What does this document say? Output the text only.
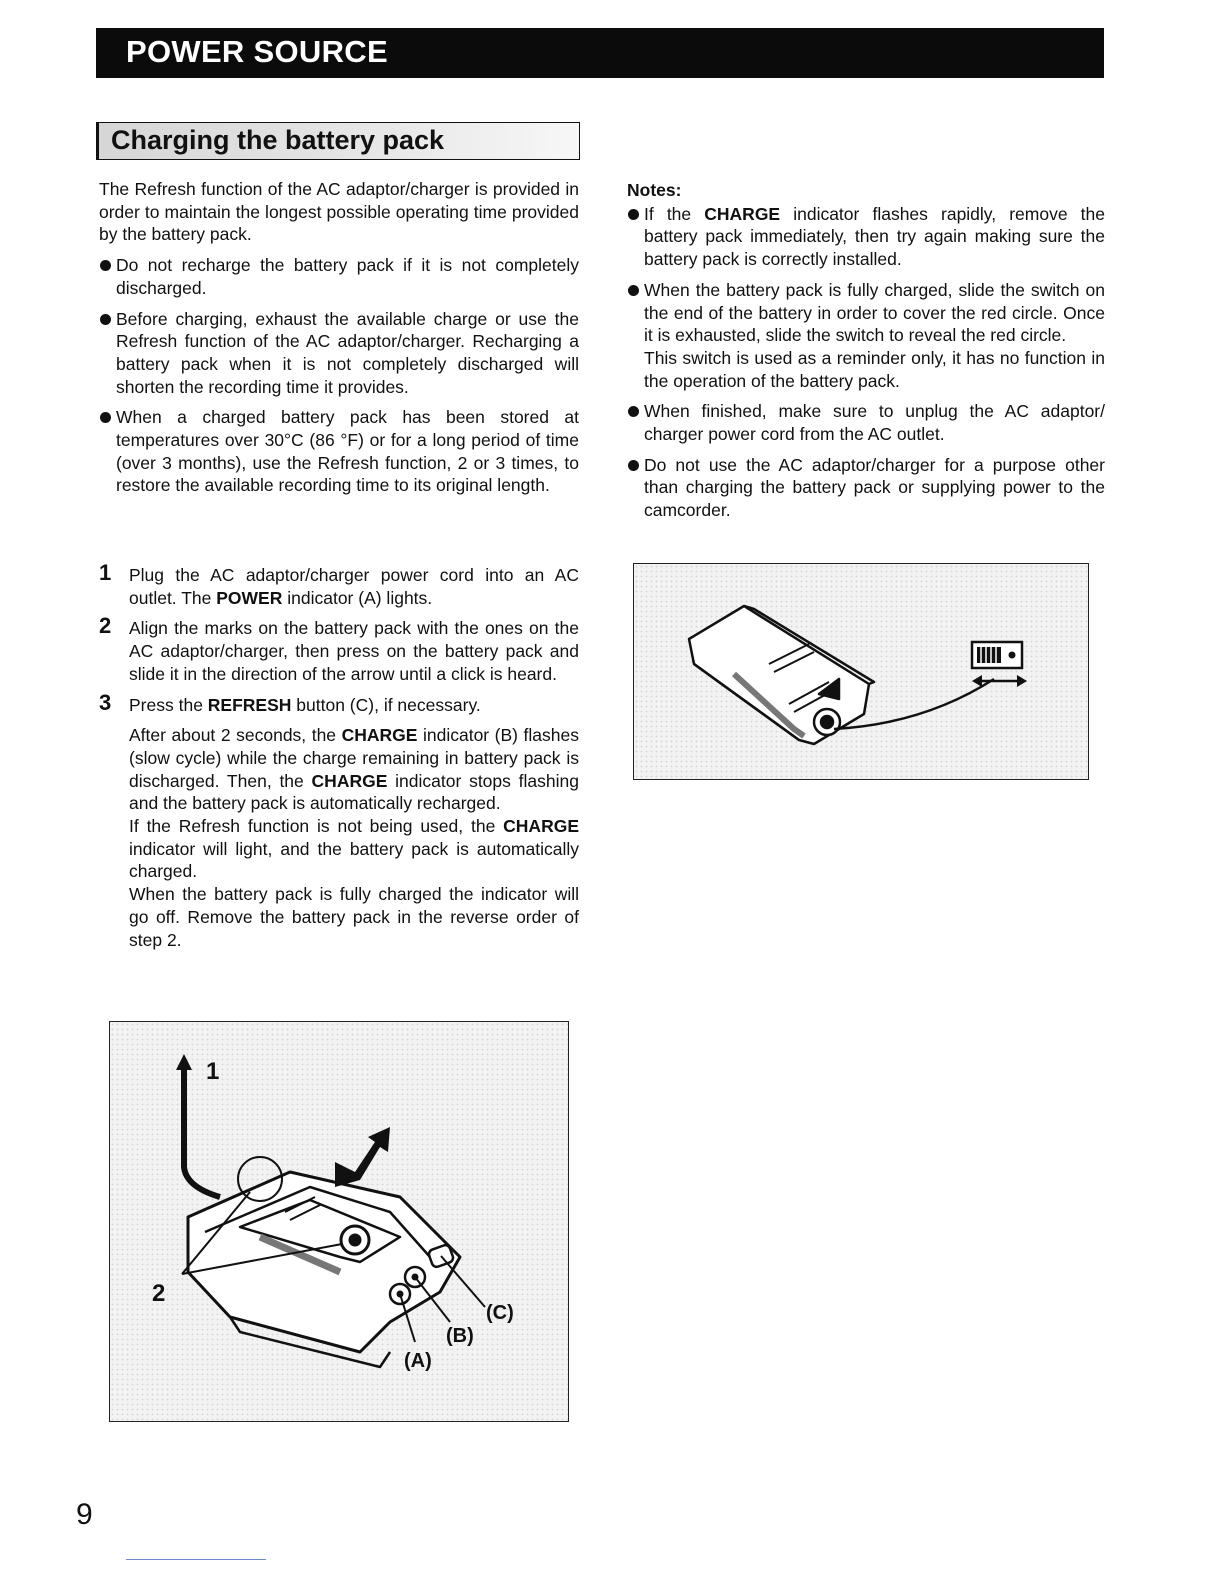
POWER SOURCE
Charging the battery pack

The Refresh function of the AC adaptor/charger is provided in order to maintain the longest possible operating time provided by the battery pack.

Do not recharge the battery pack if it is not completely discharged.
Before charging, exhaust the available charge or use the Refresh function of the AC adaptor/charger. Recharging a battery pack when it is not completely discharged will shorten the recording time it provides.
When a charged battery pack has been stored at temperatures over 30°C (86 °F) or for a long period of time (over 3 months), use the Refresh function, 2 or 3 times, to restore the available recording time to its original length.
1 Plug the AC adaptor/charger power cord into an AC outlet. The POWER indicator (A) lights.
2 Align the marks on the battery pack with the ones on the AC adaptor/charger, then press on the battery pack and slide it in the direction of the arrow until a click is heard.
3 Press the REFRESH button (C), if necessary.

After about 2 seconds, the CHARGE indicator (B) flashes (slow cycle) while the charge remaining in battery pack is discharged. Then, the CHARGE indicator stops flashing and the battery pack is automatically recharged.

If the Refresh function is not being used, the CHARGE indicator will light, and the battery pack is automatically charged.

When the battery pack is fully charged the indicator will go off. Remove the battery pack in the reverse order of step 2.

Notes:

If the CHARGE indicator flashes rapidly, remove the battery pack immediately, then try again making sure the battery pack is correctly installed.
When the battery pack is fully charged, slide the switch on the end of the battery in order to cover the red circle. Once it is exhausted, slide the switch to reveal the red circle.
This switch is used as a reminder only, it has no function in the operation of the battery pack.
When finished, make sure to unplug the AC adaptor/ charger power cord from the AC outlet.
Do not use the AC adaptor/charger for a purpose other than charging the battery pack or supplying power to the camcorder.
1
2
(A)
(B)
(C)
9
